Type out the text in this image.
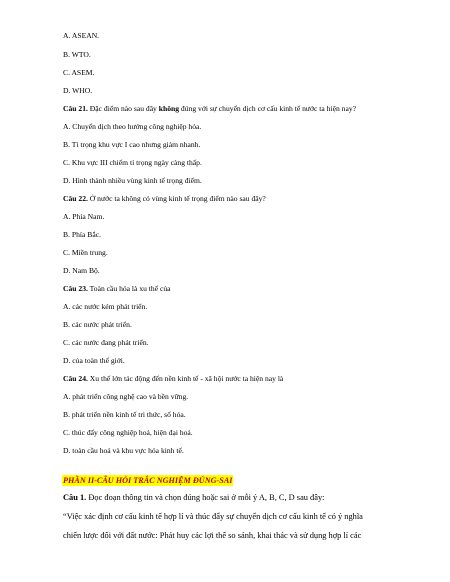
A. ASEAN.
B. WTO.
C. ASEM.
D. WHO.
Câu 21. Đặc điểm nào sau đây không đúng với sự chuyển dịch cơ cấu kinh tế nước ta hiện nay?
A. Chuyển dịch theo hướng công nghiệp hóa.
B. Tỉ trọng khu vực I cao nhưng giảm nhanh.
C. Khu vực III chiếm tỉ trọng ngày càng thấp.
D. Hình thành nhiều vùng kinh tế trọng điểm.
Câu 22. Ở nước ta không có vùng kinh tế trọng điểm nào sau đây?
A. Phía Nam.
B. Phía Bắc.
C. Miền trung.
D. Nam Bộ.
Câu 23. Toàn cầu hóa là xu thế của
A. các nước kém phát triển.
B. các nước phát triển.
C. các nước đang phát triển.
D. của toàn thế giới.
Câu 24. Xu thế lớn tác động đến nền kinh tế - xã hội nước ta hiện nay là
A. phát triển công nghệ cao và bền vững.
B. phát triển nền kinh tế tri thức, số hóa.
C. thúc đẩy công nghiệp hoá, hiện đại hoá.
D. toàn cầu hoá và khu vực hóa kinh tế.
PHẦN II-CÂU HỎI TRẮC NGHIỆM ĐÚNG-SAI
Câu 1. Đọc đoạn thông tin và chọn đúng hoặc sai ở mỗi ý A, B, C, D sau đây:
“Việc xác định cơ cấu kinh tế hợp lí và thúc đẩy sự chuyển dịch cơ cấu kinh tế có ý nghĩa
chiến lược đối với đất nước: Phát huy các lợi thế so sánh, khai thác và sử dụng hợp lí các
